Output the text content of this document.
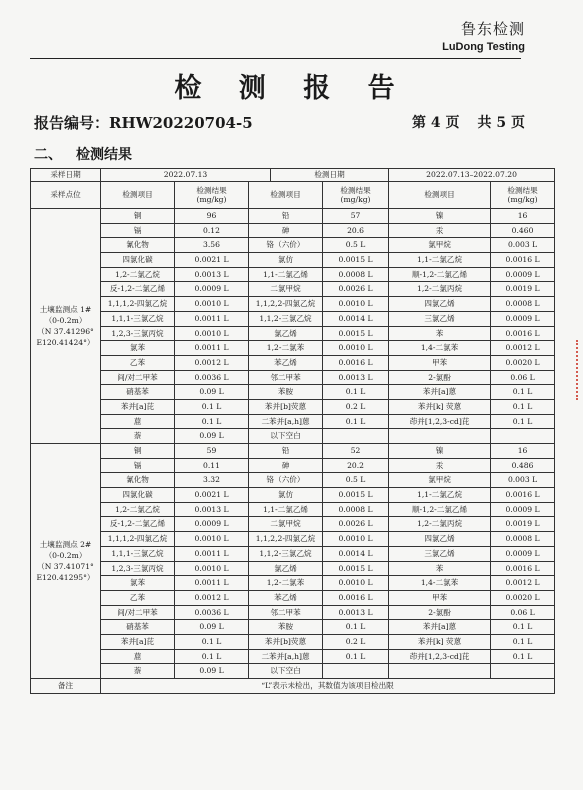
鲁东检测
LuDong Testing
检 测 报 告
报告编号：RHW20220704-5	第 4 页 共 5 页
二、 检测结果
采样日期	2022.07.13			检测日期		2022.07.13–2022.07.20	
采样点位	检测项目	检测结果
(mg/kg)	检测项目		检测结果
(mg/kg)	检测项目	检测结果
(mg/kg)
土壤监测点 1#
（0-0.2m）
（N 37.41296°
E120.41424°）	铜	96	铅		57	镍	16
	镉	0.12	砷		20.6	汞	0.460
	氰化物	3.56	铬（六价）		0.5 L	氯甲烷	0.003 L
	四氯化碳	0.0021 L	氯仿		0.0015 L	1,1-二氯乙烷	0.0016 L
	1,2-二氯乙烷	0.0013 L	1,1-二氯乙烯		0.0008 L	顺-1,2-二氯乙烯	0.0009 L
	反-1,2-二氯乙烯	0.0009 L	二氯甲烷		0.0026 L	1,2-二氯丙烷	0.0019 L
	1,1,1,2-四氯乙烷	0.0010 L	1,1,2,2-四氯乙烷		0.0010 L	四氯乙烯	0.0008 L
	1,1,1-三氯乙烷	0.0011 L	1,1,2-三氯乙烷		0.0014 L	三氯乙烯	0.0009 L
	1,2,3-三氯丙烷	0.0010 L	氯乙烯		0.0015 L	苯	0.0016 L
	氯苯	0.0011 L	1,2-二氯苯		0.0010 L	1,4-二氯苯	0.0012 L
	乙苯	0.0012 L	苯乙烯		0.0016 L	甲苯	0.0020 L
	间/对二甲苯	0.0036 L	邻二甲苯		0.0013 L	2-氯酚	0.06 L
	硝基苯	0.09 L	苯胺		0.1 L	苯并[a]蒽	0.1 L
	苯并[a]芘	0.1 L	苯并[b]荧蒽		0.2 L	苯并[k] 荧蒽	0.1 L
	䓛	0.1 L	二苯并[a,h]蒽		0.1 L	茚并[1,2,3-cd]芘	0.1 L
	萘	0.09 L	以下空白				
土壤监测点 2#
（0-0.2m）
（N 37.41071°
E120.41295°）	铜	59	铅		52	镍	16
	镉	0.11	砷		20.2	汞	0.486
	氰化物	3.32	铬（六价）		0.5 L	氯甲烷	0.003 L
	四氯化碳	0.0021 L	氯仿		0.0015 L	1,1-二氯乙烷	0.0016 L
	1,2-二氯乙烷	0.0013 L	1,1-二氯乙烯		0.0008 L	顺-1,2-二氯乙烯	0.0009 L
	反-1,2-二氯乙烯	0.0009 L	二氯甲烷		0.0026 L	1,2-二氯丙烷	0.0019 L
	1,1,1,2-四氯乙烷	0.0010 L	1,1,2,2-四氯乙烷		0.0010 L	四氯乙烯	0.0008 L
	1,1,1-三氯乙烷	0.0011 L	1,1,2-三氯乙烷		0.0014 L	三氯乙烯	0.0009 L
	1,2,3-三氯丙烷	0.0010 L	氯乙烯		0.0015 L	苯	0.0016 L
	氯苯	0.0011 L	1,2-二氯苯		0.0010 L	1,4-二氯苯	0.0012 L
	乙苯	0.0012 L	苯乙烯		0.0016 L	甲苯	0.0020 L
	间/对二甲苯	0.0036 L	邻二甲苯		0.0013 L	2-氯酚	0.06 L
	硝基苯	0.09 L	苯胺		0.1 L	苯并[a]蒽	0.1 L
	苯并[a]芘	0.1 L	苯并[b]荧蒽		0.2 L	苯并[k] 荧蒽	0.1 L
	䓛	0.1 L	二苯并[a,h]蒽		0.1 L	茚并[1,2,3-cd]芘	0.1 L
	萘	0.09 L	以下空白				
备注	“L”表示未检出，其数值为该项目检出限						
